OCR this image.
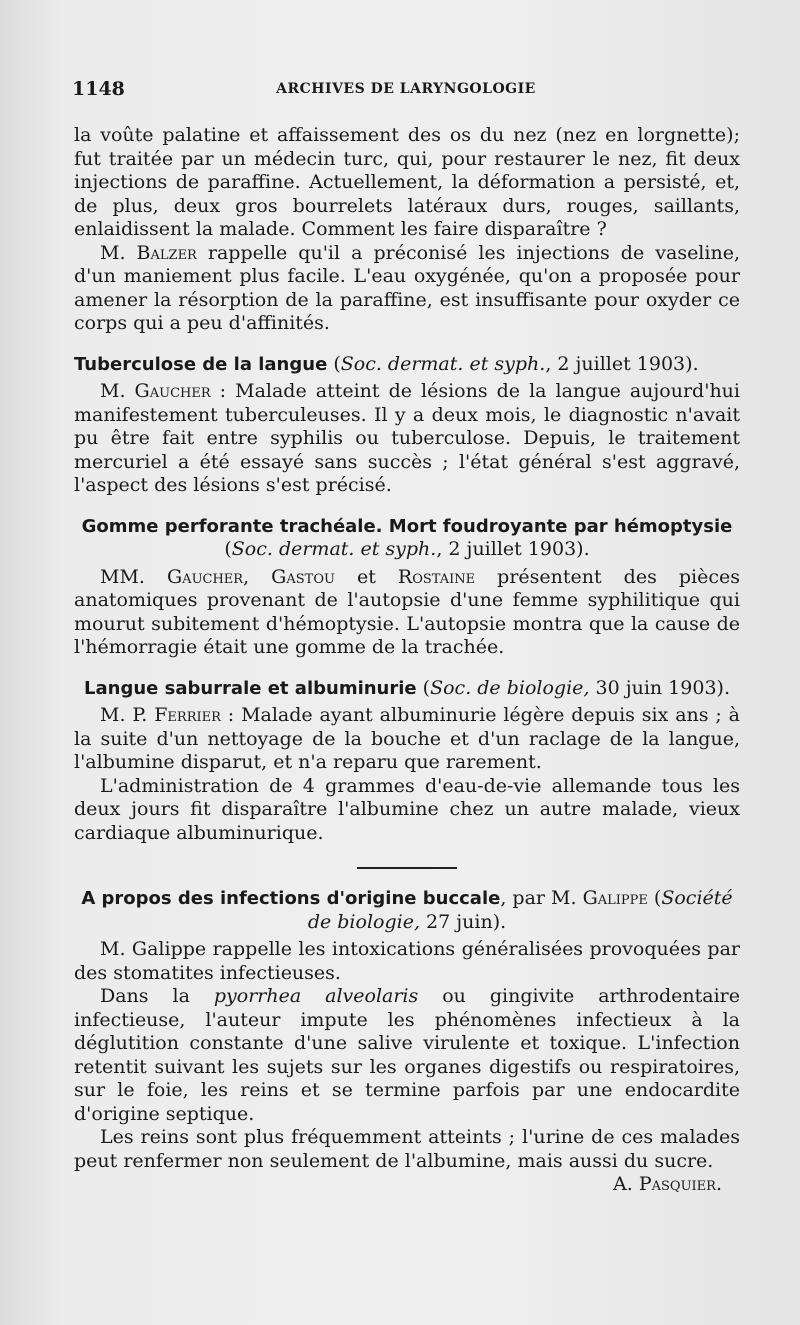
1148	ARCHIVES DE LARYNGOLOGIE

la voûte palatine et affaissement des os du nez (nez en lorgnette); fut traitée par un médecin turc, qui, pour restaurer le nez, fit deux injections de paraffine. Actuellement, la déformation a persisté, et, de plus, deux gros bourrelets latéraux durs, rouges, saillants, enlaidissent la malade. Comment les faire disparaître ?

M. Balzer rappelle qu'il a préconisé les injections de vaseline, d'un maniement plus facile. L'eau oxygénée, qu'on a proposée pour amener la résorption de la paraffine, est insuffisante pour oxyder ce corps qui a peu d'affinités.

Tuberculose de la langue (Soc. dermat. et syph., 2 juillet 1903).

M. Gaucher : Malade atteint de lésions de la langue aujourd'hui manifestement tuberculeuses. Il y a deux mois, le diagnostic n'avait pu être fait entre syphilis ou tuberculose. Depuis, le traitement mercuriel a été essayé sans succès ; l'état général s'est aggravé, l'aspect des lésions s'est précisé.

Gomme perforante trachéale. Mort foudroyante par hémoptysie (Soc. dermat. et syph., 2 juillet 1903).

MM. Gaucher, Gastou et Rostaine présentent des pièces anatomiques provenant de l'autopsie d'une femme syphilitique qui mourut subitement d'hémoptysie. L'autopsie montra que la cause de l'hémorragie était une gomme de la trachée.

Langue saburrale et albuminurie (Soc. de biologie, 30 juin 1903).

M. P. Ferrier : Malade ayant albuminurie légère depuis six ans ; à la suite d'un nettoyage de la bouche et d'un raclage de la langue, l'albumine disparut, et n'a reparu que rarement.

L'administration de 4 grammes d'eau-de-vie allemande tous les deux jours fit disparaître l'albumine chez un autre malade, vieux cardiaque albuminurique.

A propos des infections d'origine buccale, par M. Galippe (Société de biologie, 27 juin).

M. Galippe rappelle les intoxications généralisées provoquées par des stomatites infectieuses.

Dans la pyorrhea alveolaris ou gingivite arthrodentaire infectieuse, l'auteur impute les phénomènes infectieux à la déglutition constante d'une salive virulente et toxique. L'infection retentit suivant les sujets sur les organes digestifs ou respiratoires, sur le foie, les reins et se termine parfois par une endocardite d'origine septique.

Les reins sont plus fréquemment atteints ; l'urine de ces malades peut renfermer non seulement de l'albumine, mais aussi du sucre.

A. Pasquier.
